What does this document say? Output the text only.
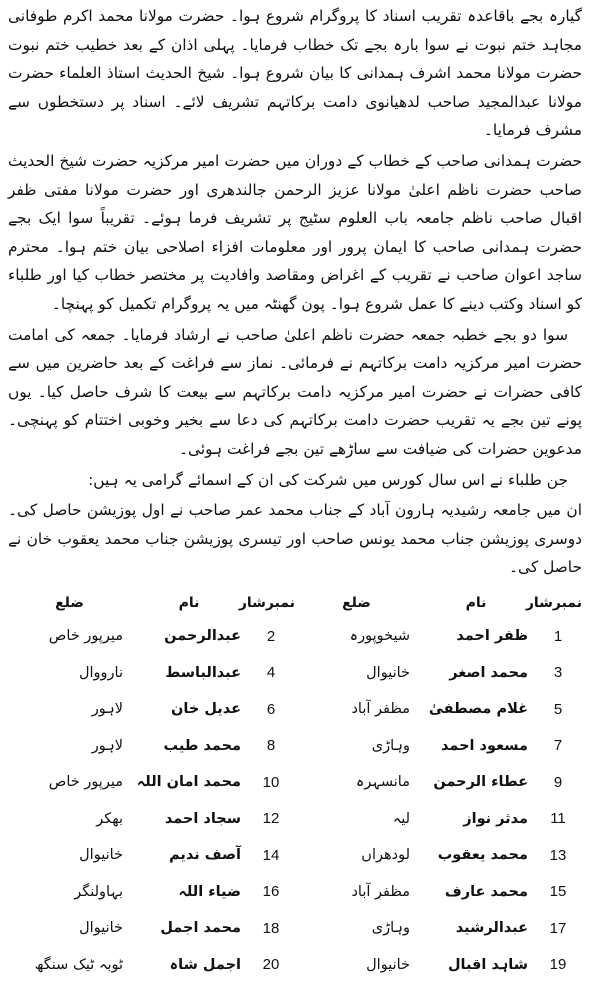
گیارہ بجے باقاعدہ تقریب اسناد کا پروگرام شروع ہوا۔ حضرت مولانا محمد اکرم طوفانی مجاہد ختم نبوت نے سوا بارہ بجے تک خطاب فرمایا۔ پہلی اذان کے بعد خطیب ختم نبوت حضرت مولانا محمد اشرف ہمدانی کا بیان شروع ہوا۔ شیخ الحدیث استاذ العلماء حضرت مولانا عبدالمجید صاحب لدھیانوی دامت برکاتہم تشریف لائے۔ اسناد پر دستخطوں سے مشرف فرمایا۔

حضرت ہمدانی صاحب کے خطاب کے دوران میں حضرت امیر مرکزیہ حضرت شیخ الحدیث صاحب حضرت ناظم اعلیٰ مولانا عزیز الرحمن جالندھری اور حضرت مولانا مفتی ظفر اقبال صاحب ناظم جامعہ باب العلوم سٹیج پر تشریف فرما ہوئے۔ تقریباً سوا ایک بجے حضرت ہمدانی صاحب کا ایمان پرور اور معلومات افزاء اصلاحی بیان ختم ہوا۔ محترم ساجد اعوان صاحب نے تقریب کے اغراض ومقاصد وافادیت پر مختصر خطاب کیا اور طلباء کو اسناد وکتب دینے کا عمل شروع ہوا۔ پون گھنٹہ میں یہ پروگرام تکمیل کو پہنچا۔

سوا دو بجے خطبہ جمعہ حضرت ناظم اعلیٰ صاحب نے ارشاد فرمایا۔ جمعہ کی امامت حضرت امیر مرکزیہ دامت برکاتہم نے فرمائی۔ نماز سے فراغت کے بعد حاضرین میں سے کافی حضرات نے حضرت امیر مرکزیہ دامت برکاتہم سے بیعت کا شرف حاصل کیا۔ یوں پونے تین بجے یہ تقریب حضرت دامت برکاتہم کی دعا سے بخیر وخوبی اختتام کو پہنچی۔ مدعوین حضرات کی ضیافت سے ساڑھے تین بجے فراغت ہوئی۔

جن طلباء نے اس سال کورس میں شرکت کی ان کے اسمائے گرامی یہ ہیں:

ان میں جامعہ رشیدیہ ہارون آباد کے جناب محمد عمر صاحب نے اول پوزیشن حاصل کی۔ دوسری پوزیشن جناب محمد یونس صاحب اور تیسری پوزیشن جناب محمد یعقوب خان نے حاصل کی۔

نمبرشار	نام	ضلع	نمبرشار	نام	ضلع
1	ظفر احمد	شیخوپورہ	2	عبدالرحمن	میرپور خاص
3	محمد اصغر	خانیوال	4	عبدالباسط	نارووال
5	غلام مصطفیٰ	مظفر آباد	6	عدیل خان	لاہور
7	مسعود احمد	وہاڑی	8	محمد طیب	لاہور
9	عطاء الرحمن	مانسہرہ	10	محمد امان اللہ	میرپور خاص
11	مدثر نواز	لیہ	12	سجاد احمد	بھکر
13	محمد یعقوب	لودھراں	14	آصف ندیم	خانیوال
15	محمد عارف	مظفر آباد	16	ضیاء اللہ	بہاولنگر
17	عبدالرشید	وہاڑی	18	محمد اجمل	خانیوال
19	شاہد اقبال	خانیوال	20	اجمل شاہ	ٹوبہ ٹیک سنگھ
